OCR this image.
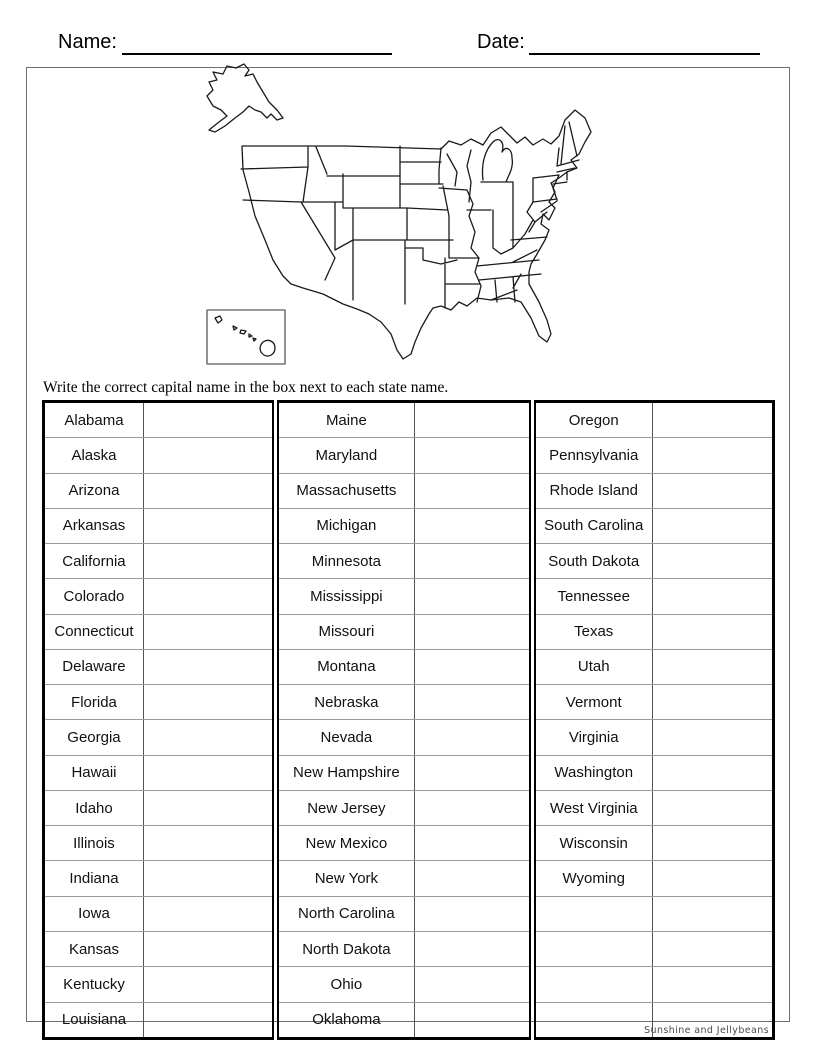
Name:	Date:
Write the correct capital name in the box next to each state name.
Alabama		Maine		Oregon	
Alaska		Maryland		Pennsylvania	
Arizona		Massachusetts		Rhode Island	
Arkansas		Michigan		South Carolina	
California		Minnesota		South Dakota	
Colorado		Mississippi		Tennessee	
Connecticut		Missouri		Texas	
Delaware		Montana		Utah	
Florida		Nebraska		Vermont	
Georgia		Nevada		Virginia	
Hawaii		New Hampshire		Washington	
Idaho		New Jersey		West Virginia	
Illinois		New Mexico		Wisconsin	
Indiana		New York		Wyoming	
Iowa		North Carolina			
Kansas		North Dakota			
Kentucky		Ohio			
Louisiana		Oklahoma			
Sunshine and Jellybeans
